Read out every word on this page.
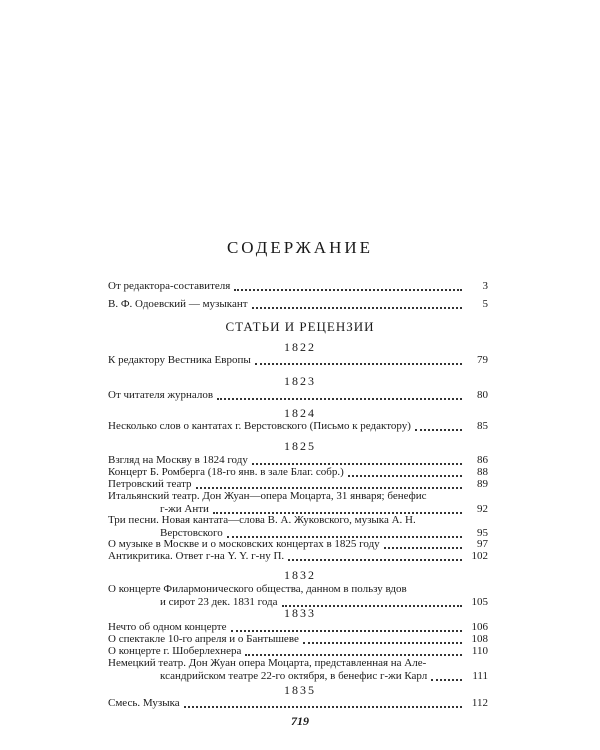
СОДЕРЖАНИЕ
От редактора-составителя	3
В. Ф. Одоевский — музыкант	5
СТАТЬИ И РЕЦЕНЗИИ
1822
К редактору Вестника Европы	79
1823
От читателя журналов	80
1824
Несколько слов о кантатах г. Верстовского (Письмо к редактору)	85
1825
Взгляд на Москву в 1824 году	86
Концерт Б. Ромберга (18-го янв. в зале Благ. собр.)	88
Петровский театр	89
Итальянский театр. Дон Жуан—опера Моцарта, 31 января; бенефис
г-жи Анти	92
Три песни. Новая кантата—слова В. А. Жуковского, музыка А. Н.
Верстовского	95
О музыке в Москве и о московских концертах в 1825 году	97
Антикритика. Ответ г-на Y. Y. г-ну П.	102
1832
О концерте Филармонического общества, данном в пользу вдов
и сирот 23 дек. 1831 года	105
1833
Нечто об одном концерте	106
О спектакле 10-го апреля и о Бантышеве	108
О концерте г. Шоберлехнера	110
Немецкий театр. Дон Жуан опера Моцарта, представленная на Але-
ксандрийском театре 22-го октября, в бенефис г-жи Карл	111
1835
Смесь. Музыка	112
719
